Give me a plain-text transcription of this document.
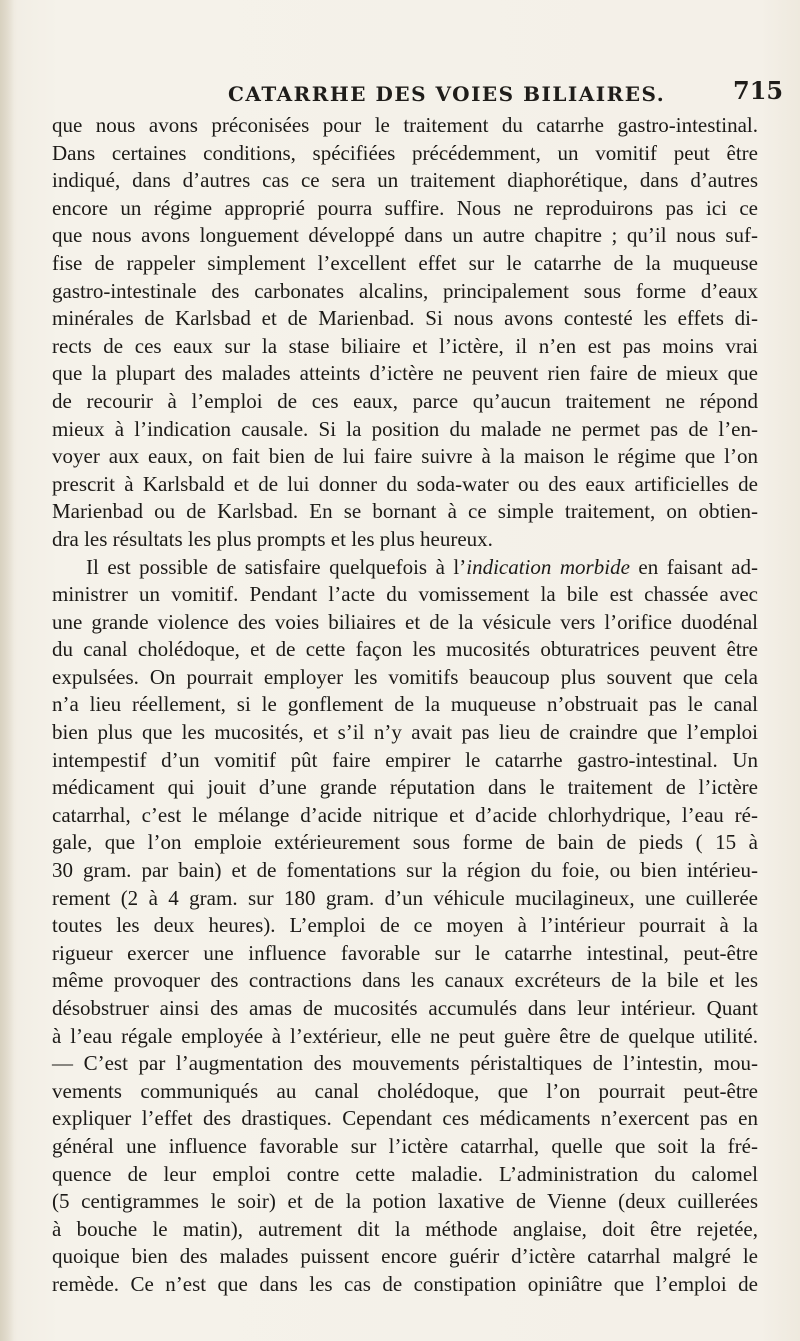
CATARRHE DES VOIES BILIAIRES.	715
que nous avons préconisées pour le traitement du catarrhe gastro-intestinal.
Dans certaines conditions, spécifiées précédemment, un vomitif peut être
indiqué, dans d’autres cas ce sera un traitement diaphorétique, dans d’autres
encore un régime approprié pourra suffire. Nous ne reproduirons pas ici ce
que nous avons longuement développé dans un autre chapitre ; qu’il nous suf-
fise de rappeler simplement l’excellent effet sur le catarrhe de la muqueuse
gastro-intestinale des carbonates alcalins, principalement sous forme d’eaux
minérales de Karlsbad et de Marienbad. Si nous avons contesté les effets di-
rects de ces eaux sur la stase biliaire et l’ictère, il n’en est pas moins vrai
que la plupart des malades atteints d’ictère ne peuvent rien faire de mieux que
de recourir à l’emploi de ces eaux, parce qu’aucun traitement ne répond
mieux à l’indication causale. Si la position du malade ne permet pas de l’en-
voyer aux eaux, on fait bien de lui faire suivre à la maison le régime que l’on
prescrit à Karlsbald et de lui donner du soda-water ou des eaux artificielles de
Marienbad ou de Karlsbad. En se bornant à ce simple traitement, on obtien-
dra les résultats les plus prompts et les plus heureux.
Il est possible de satisfaire quelquefois à l’indication morbide en faisant ad-
ministrer un vomitif. Pendant l’acte du vomissement la bile est chassée avec
une grande violence des voies biliaires et de la vésicule vers l’orifice duodénal
du canal cholédoque, et de cette façon les mucosités obturatrices peuvent être
expulsées. On pourrait employer les vomitifs beaucoup plus souvent que cela
n’a lieu réellement, si le gonflement de la muqueuse n’obstruait pas le canal
bien plus que les mucosités, et s’il n’y avait pas lieu de craindre que l’emploi
intempestif d’un vomitif pût faire empirer le catarrhe gastro-intestinal. Un
médicament qui jouit d’une grande réputation dans le traitement de l’ictère
catarrhal, c’est le mélange d’acide nitrique et d’acide chlorhydrique, l’eau ré-
gale, que l’on emploie extérieurement sous forme de bain de pieds ( 15 à
30 gram. par bain) et de fomentations sur la région du foie, ou bien intérieu-
rement (2 à 4 gram. sur 180 gram. d’un véhicule mucilagineux, une cuillerée
toutes les deux heures). L’emploi de ce moyen à l’intérieur pourrait à la
rigueur exercer une influence favorable sur le catarrhe intestinal, peut-être
même provoquer des contractions dans les canaux excréteurs de la bile et les
désobstruer ainsi des amas de mucosités accumulés dans leur intérieur. Quant
à l’eau régale employée à l’extérieur, elle ne peut guère être de quelque utilité.
— C’est par l’augmentation des mouvements péristaltiques de l’intestin, mou-
vements communiqués au canal cholédoque, que l’on pourrait peut-être
expliquer l’effet des drastiques. Cependant ces médicaments n’exercent pas en
général une influence favorable sur l’ictère catarrhal, quelle que soit la fré-
quence de leur emploi contre cette maladie. L’administration du calomel
(5 centigrammes le soir) et de la potion laxative de Vienne (deux cuillerées
à bouche le matin), autrement dit la méthode anglaise, doit être rejetée,
quoique bien des malades puissent encore guérir d’ictère catarrhal malgré le
remède. Ce n’est que dans les cas de constipation opiniâtre que l’emploi de
